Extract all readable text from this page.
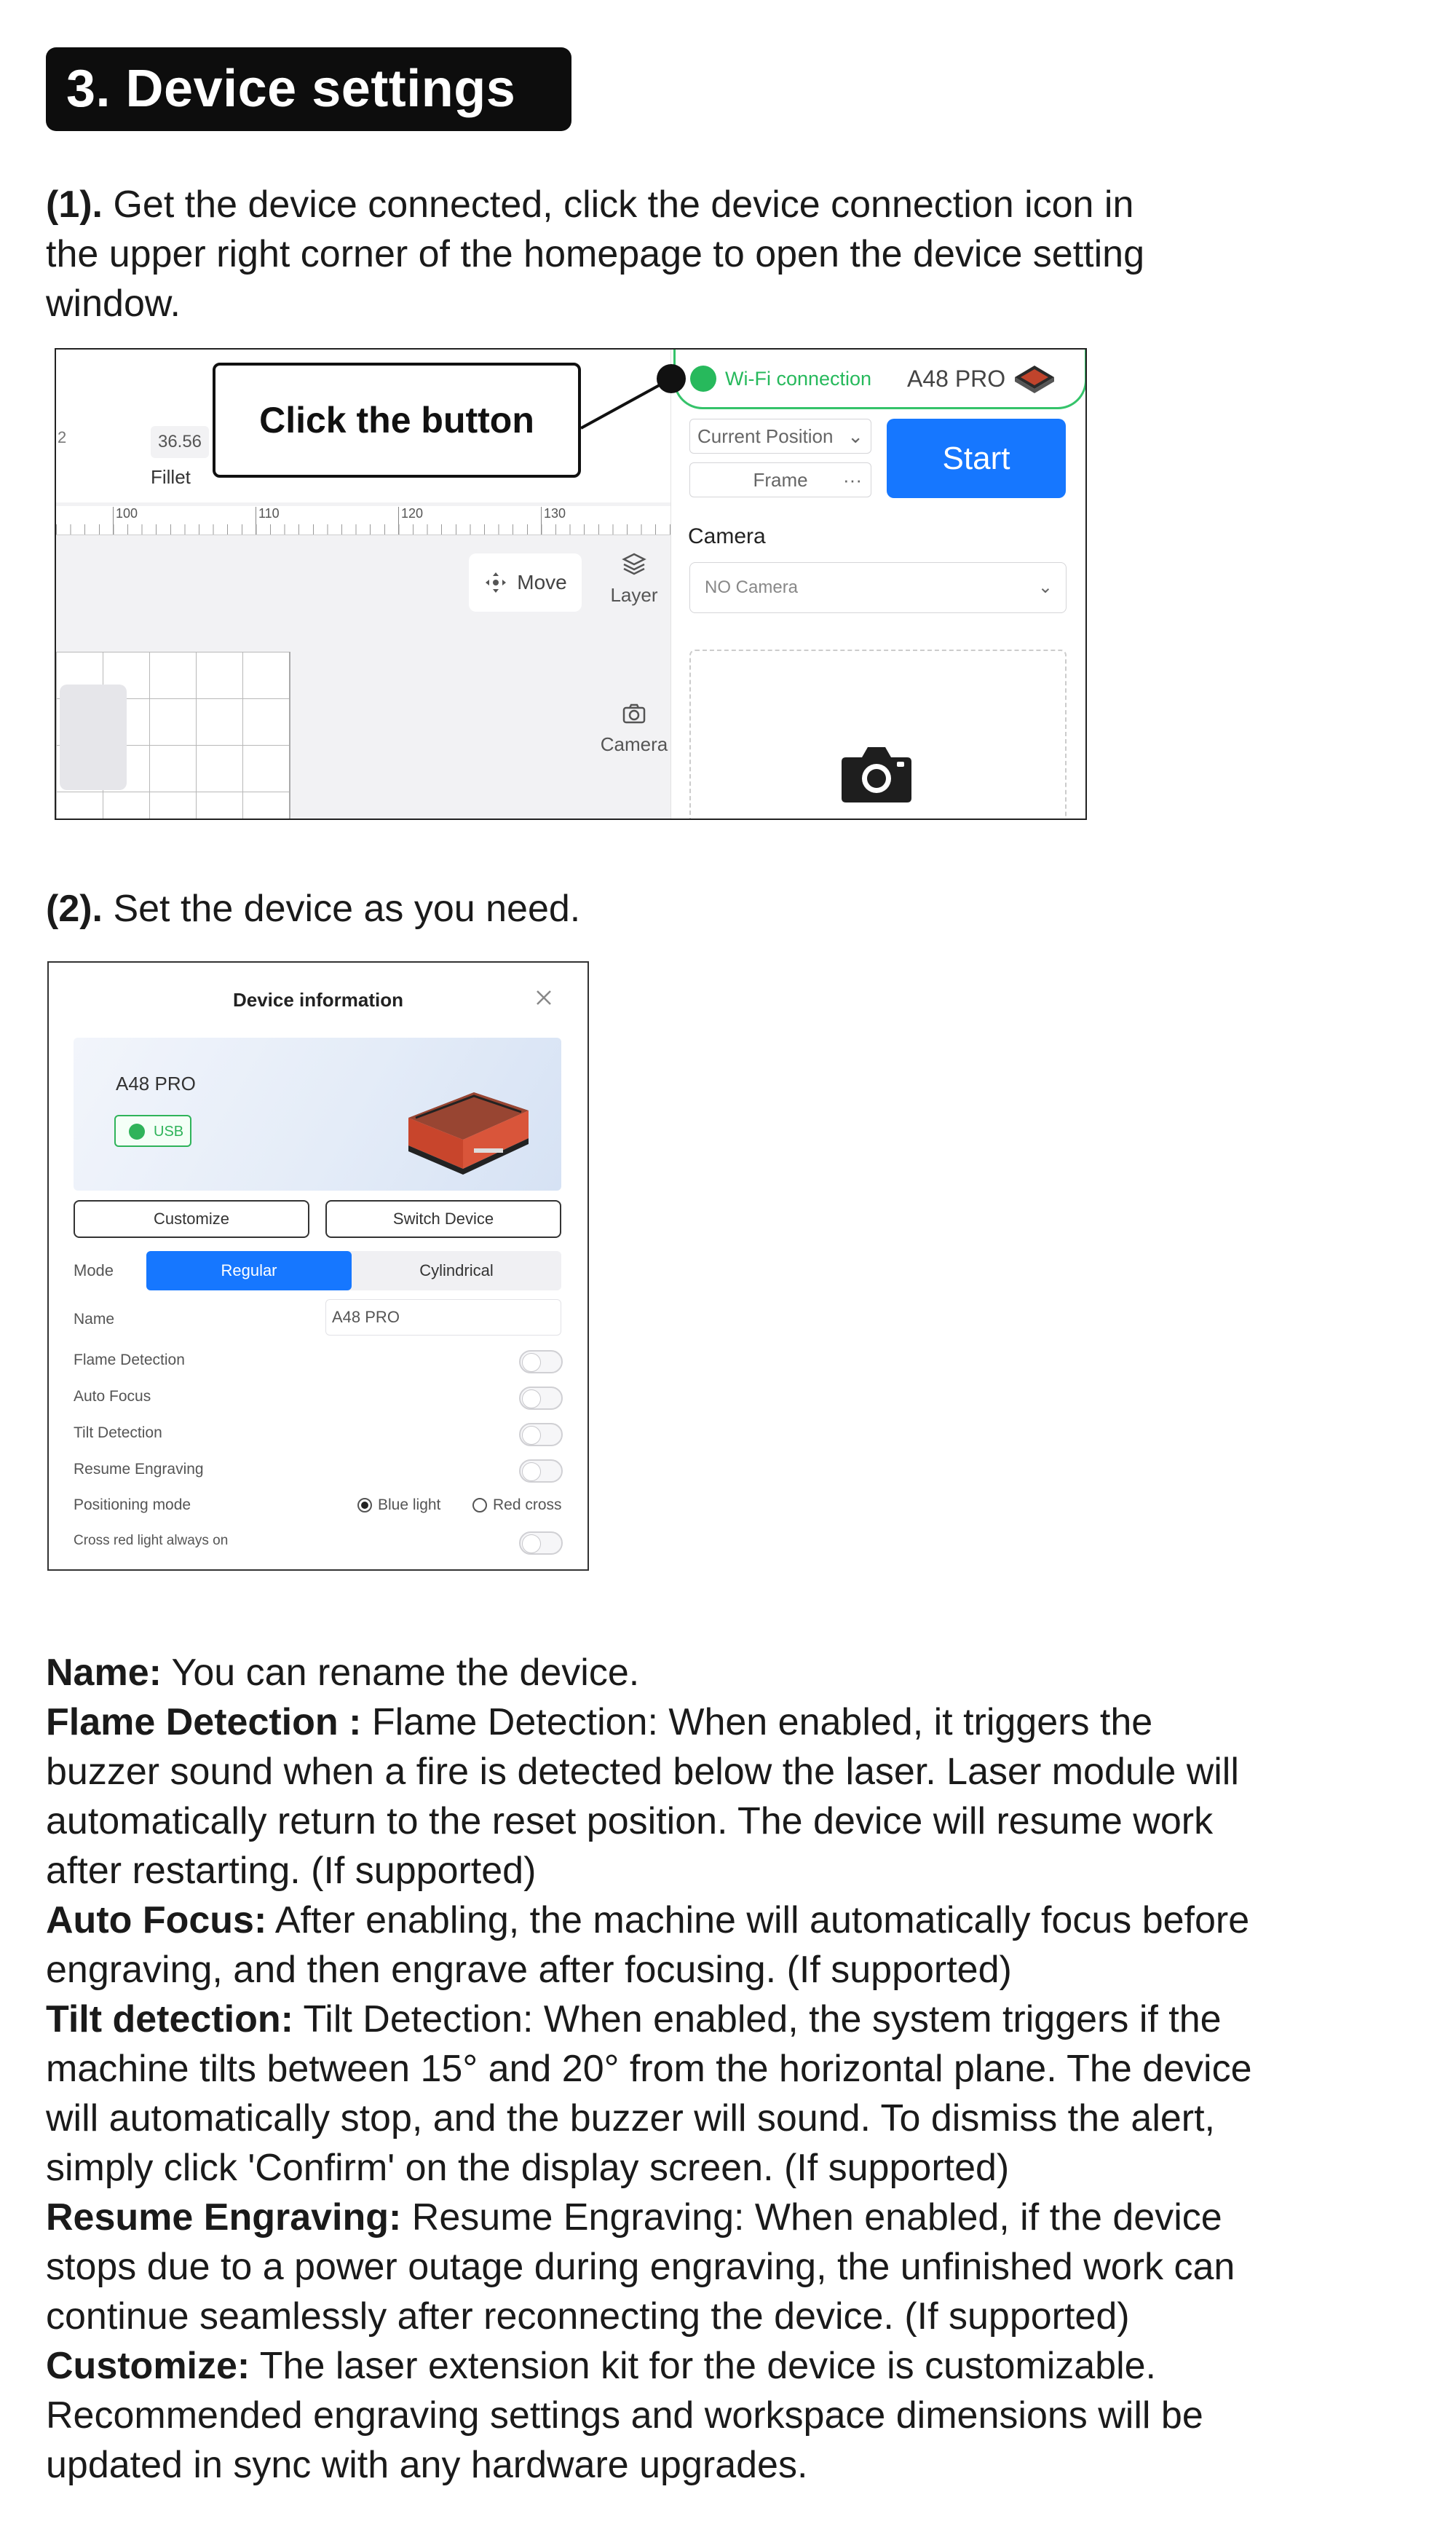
3. Device settings
(1). Get the device connected, click the device connection icon in
the upper right corner of the homepage to open the device setting
window.
2	36.56
Fillet
100	110	120	130
Move
Layer
Camera
Wi-Fi connection A48 PRO
Current Position ⌄
Frame ···
Start
Camera
NO Camera	⌄
Click the button
(2). Set the device as you need.
Device information
A48 PRO
USB
Customize	Switch Device
Mode	Regular	Cylindrical
Name	A48 PRO
Flame Detection
Auto Focus
Tilt Detection
Resume Engraving
Positioning mode	Blue light	Red cross
Cross red light always on
Name: You can rename the device.
Flame Detection : Flame Detection: When enabled, it triggers the
buzzer sound when a fire is detected below the laser. Laser module will
automatically return to the reset position. The device will resume work
after restarting. (If supported)
Auto Focus: After enabling, the machine will automatically focus before
engraving, and then engrave after focusing. (If supported)
Tilt detection: Tilt Detection: When enabled, the system triggers if the
machine tilts between 15° and 20° from the horizontal plane. The device
will automatically stop, and the buzzer will sound. To dismiss the alert,
simply click 'Confirm' on the display screen. (If supported)
Resume Engraving: Resume Engraving: When enabled, if the device
stops due to a power outage during engraving, the unfinished work can
continue seamlessly after reconnecting the device. (If supported)
Customize: The laser extension kit for the device is customizable.
Recommended engraving settings and workspace dimensions will be
updated in sync with any hardware upgrades.
